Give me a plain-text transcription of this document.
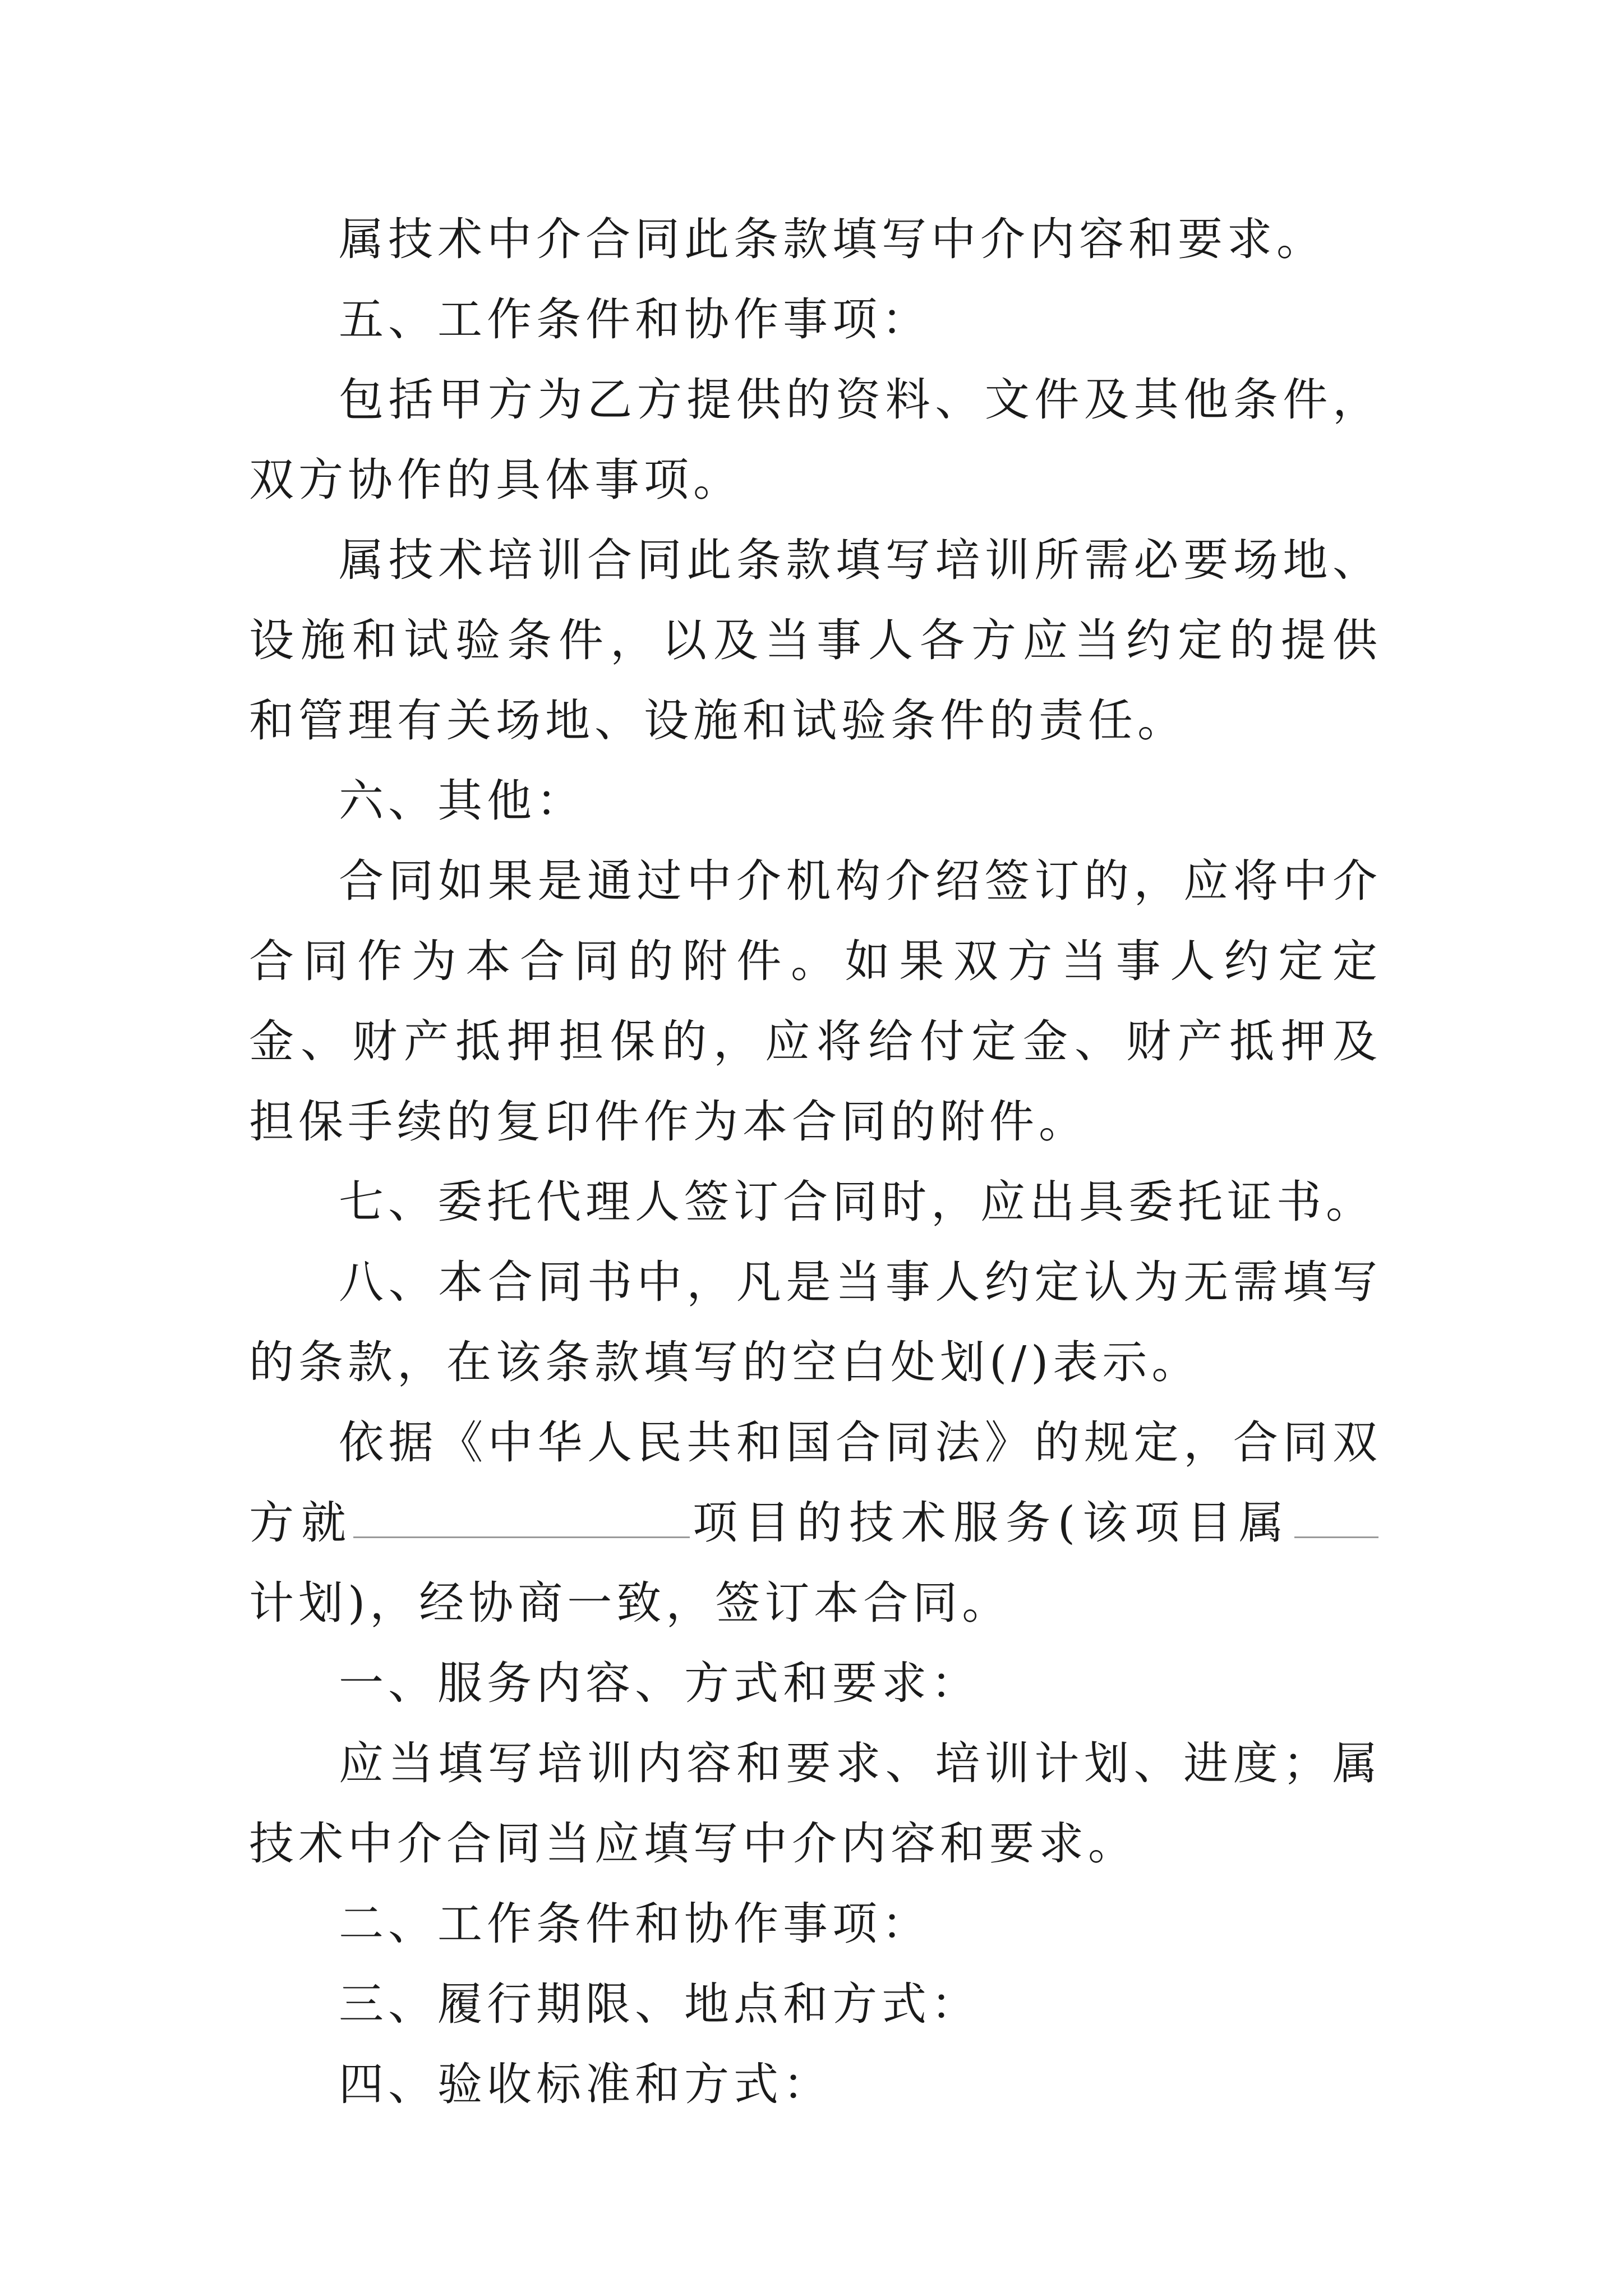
属技术中介合同此条款填写中介内容和要求。

五、工作条件和协作事项：

包括甲方为乙方提供的资料、文件及其他条件，双方协作的具体事项。

属技术培训合同此条款填写培训所需必要场地、设施和试验条件，以及当事人各方应当约定的提供和管理有关场地、设施和试验条件的责任。

六、其他：

合同如果是通过中介机构介绍签订的，应将中介合同作为本合同的附件。如果双方当事人约定定金、财产抵押担保的，应将给付定金、财产抵押及担保手续的复印件作为本合同的附件。

七、委托代理人签订合同时，应出具委托证书。

八、本合同书中，凡是当事人约定认为无需填写的条款，在该条款填写的空白处划(/)表示。

依据《中华人民共和国合同法》的规定，合同双方就	项目的技术服务(该项目属计划)，经协商一致，签订本合同。

一、服务内容、方式和要求：

应当填写培训内容和要求、培训计划、进度；属技术中介合同当应填写中介内容和要求。

二、工作条件和协作事项：

三、履行期限、地点和方式：

四、验收标准和方式：
